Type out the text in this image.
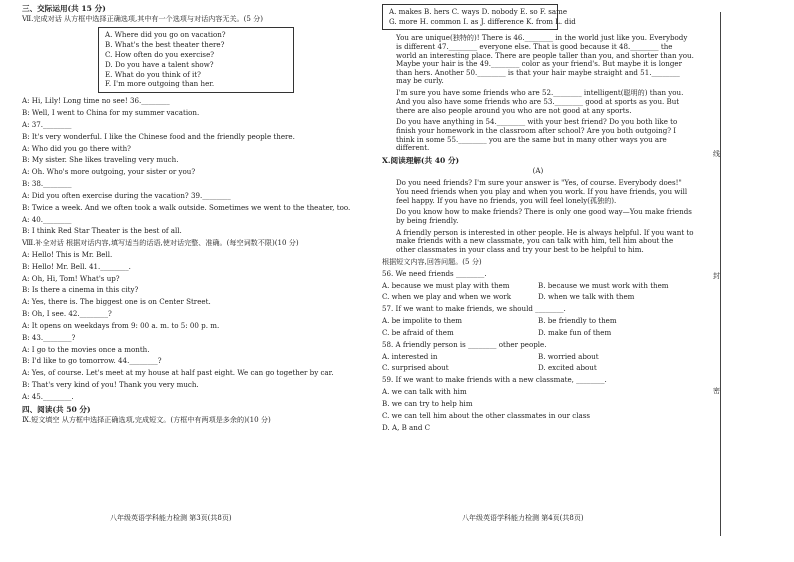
三、交际运用(共 15 分)
Ⅶ.完成对话 从方框中选择正确选项,其中有一个选项与对话内容无关。(5 分)
A. Where did you go on vacation?
B. What's the best theater there?
C. How often do you exercise?
D. Do you have a talent show?
E. What do you think of it?
F. I'm more outgoing than her.
A: Hi, Lily! Long time no see! 36.________
B: Well, I went to China for my summer vacation.
A: 37.________
B: It's very wonderful. I like the Chinese food and the friendly people there.
A: Who did you go there with?
B: My sister. She likes traveling very much.
A: Oh. Who's more outgoing, your sister or you?
B: 38.________
A: Did you often exercise during the vacation? 39.________
B: Twice a week. And we often took a walk outside. Sometimes we went to the theater, too.
A: 40.________
B: I think Red Star Theater is the best of all.
Ⅷ.补全对话 根据对话内容,填写适当的话语,使对话完整、准确。(每空词数不限)(10 分)
A: Hello! This is Mr. Bell.
B: Hello! Mr. Bell. 41.________.
A: Oh, Hi, Tom! What's up?
B: Is there a cinema in this city?
A: Yes, there is. The biggest one is on Center Street.
B: Oh, I see. 42.________?
A: It opens on weekdays from 9: 00 a. m. to 5: 00 p. m.
B: 43.________?
A: I go to the movies once a month.
B: I'd like to go tomorrow. 44.________?
A: Yes, of course. Let's meet at my house at half past eight. We can go together by car.
B: That's very kind of you! Thank you very much.
A: 45.________.
四、阅读(共 50 分)
Ⅸ.短文填空 从方框中选择正确选项,完成短文。(方框中有两项是多余的)(10 分)
八年级英语学科能力检测 第3页(共8页)
A. makes B. hers C. ways D. nobody E. so F. same
G. more H. common I. as J. difference K. from L. did
You are unique(独特的)! There is 46.________ in the world just like you. Everybody is different 47.________ everyone else. That is good because it 48.________ the world an interesting place. There are people taller than you, and shorter than you. Maybe your hair is the 49.________ color as your friend's. But maybe it is longer than hers. Another 50.________ is that your hair maybe straight and 51.________ may be curly.
I'm sure you have some friends who are 52.________ intelligent(聪明的) than you. And you also have some friends who are 53.________ good at sports as you. But there are also people around you who are not good at any sports.
Do you have anything in 54.________ with your best friend? Do you both like to finish your homework in the classroom after school? Are you both outgoing? I think in some 55.________ you are the same but in many other ways you are different.
Ⅹ.阅读理解(共 40 分)
(A)
Do you need friends? I'm sure your answer is "Yes, of course. Everybody does!" You need friends when you play and when you work. If you have friends, you will feel happy. If you have no friends, you will feel lonely(孤独的).
Do you know how to make friends? There is only one good way—You make friends by being friendly.
A friendly person is interested in other people. He is always helpful. If you want to make friends with a new classmate, you can talk with him, tell him about the other classmates in your class and try your best to be helpful to him.
根据短文内容,回答问题。(5 分)
56. We need friends ________.
A. because we must play with them	B. because we must work with them
C. when we play and when we work	D. when we talk with them
57. If we want to make friends, we should ________.
A. be impolite to them	B. be friendly to them
C. be afraid of them	D. make fun of them
58. A friendly person is ________ other people.
A. interested in	B. worried about
C. surprised about	D. excited about
59. If we want to make friends with a new classmate, ________.
A. we can talk with him
B. we can try to help him
C. we can tell him about the other classmates in our class
D. A, B and C
八年级英语学科能力检测 第4页(共8页)
线
封
密
